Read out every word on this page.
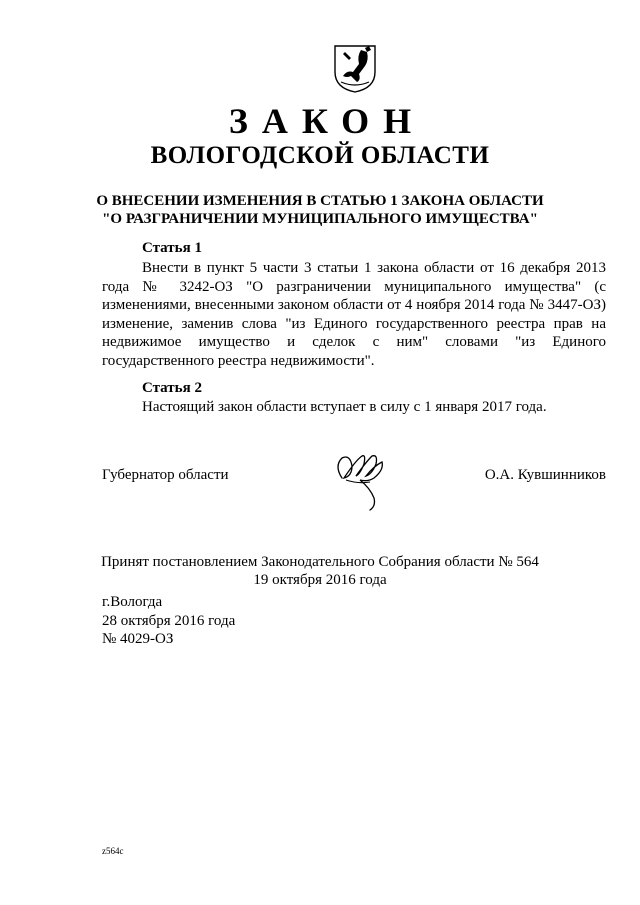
ЗАКОН
ВОЛОГОДСКОЙ ОБЛАСТИ
О ВНЕСЕНИИ ИЗМЕНЕНИЯ В СТАТЬЮ 1 ЗАКОНА ОБЛАСТИ
"О РАЗГРАНИЧЕНИИ МУНИЦИПАЛЬНОГО ИМУЩЕСТВА"
Статья 1

Внести в пункт 5 части 3 статьи 1 закона области от 16 декабря 2013 года № 3242-ОЗ "О разграничении муниципального имущества" (с изменениями, внесенными законом области от 4 ноября 2014 года № 3447-ОЗ) изменение, заменив слова "из Единого государственного реестра прав на недвижимое имущество и сделок с ним" словами "из Единого государственного реестра недвижимости".

Статья 2

Настоящий закон области вступает в силу с 1 января 2017 года.

Губернатор области	О.А. Кувшинников
Принят постановлением Законодательного Собрания области № 564
19 октября 2016 года
г.Вологда
28 октября 2016 года
№ 4029-ОЗ
z564c
